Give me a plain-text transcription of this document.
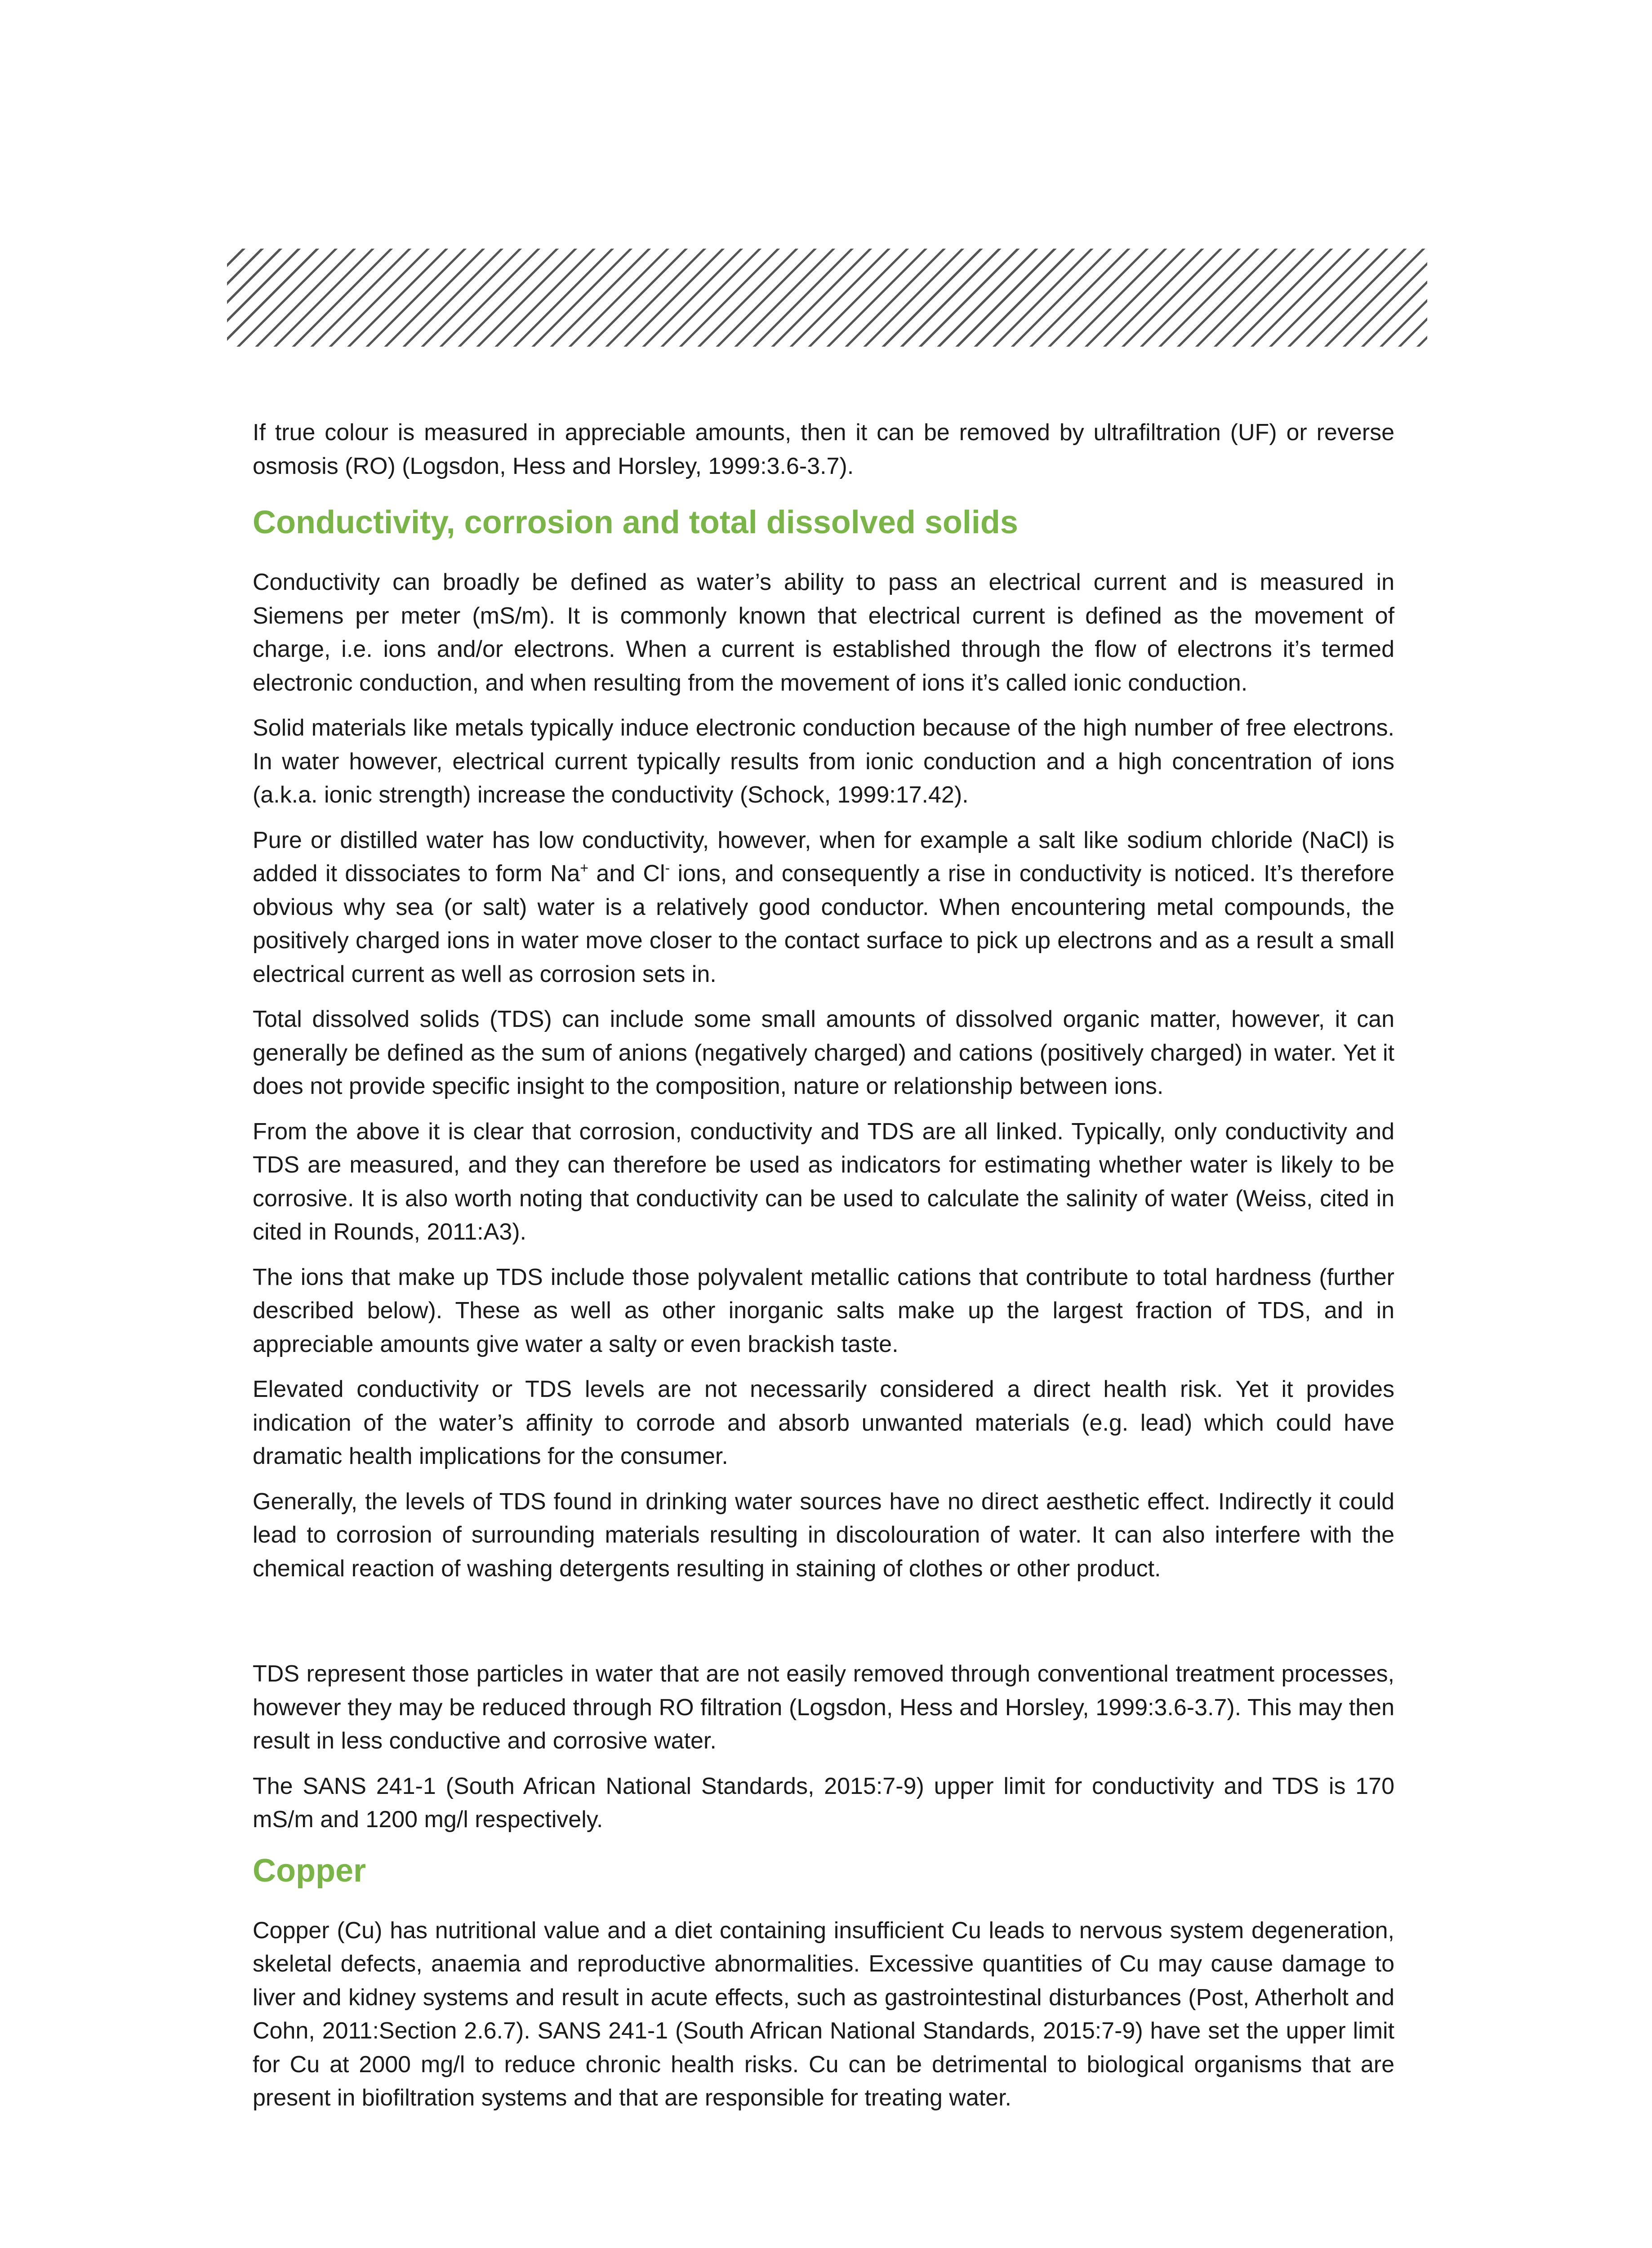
If true colour is measured in appreciable amounts, then it can be removed by ultrafiltration (UF) or reverse osmosis (RO) (Logsdon, Hess and Horsley, 1999:3.6-3.7).

Conductivity, corrosion and total dissolved solids

Conductivity can broadly be defined as water’s ability to pass an electrical current and is measured in Siemens per meter (mS/m). It is commonly known that electrical current is defined as the movement of charge, i.e. ions and/or electrons. When a current is established through the flow of electrons it’s termed electronic conduction, and when resulting from the movement of ions it’s called ionic conduction.

Solid materials like metals typically induce electronic conduction because of the high number of free electrons. In water however, electrical current typically results from ionic conduction and a high concentration of ions (a.k.a. ionic strength) increase the conductivity (Schock, 1999:17.42).

Pure or distilled water has low conductivity, however, when for example a salt like sodium chloride (NaCl) is added it dissociates to form Na+ and Cl- ions, and consequently a rise in conductivity is noticed. It’s therefore obvious why sea (or salt) water is a relatively good conductor. When encountering metal compounds, the positively charged ions in water move closer to the contact surface to pick up electrons and as a result a small electrical current as well as corrosion sets in.

Total dissolved solids (TDS) can include some small amounts of dissolved organic matter, however, it can generally be defined as the sum of anions (negatively charged) and cations (positively charged) in water. Yet it does not provide specific insight to the composition, nature or relationship between ions.

From the above it is clear that corrosion, conductivity and TDS are all linked. Typically, only conductivity and TDS are measured, and they can therefore be used as indicators for estimating whether water is likely to be corrosive. It is also worth noting that conductivity can be used to calculate the salinity of water (Weiss, cited in cited in Rounds, 2011:A3).

The ions that make up TDS include those polyvalent metallic cations that contribute to total hardness (further described below). These as well as other inorganic salts make up the largest fraction of TDS, and in appreciable amounts give water a salty or even brackish taste.

Elevated conductivity or TDS levels are not necessarily considered a direct health risk. Yet it provides indication of the water’s affinity to corrode and absorb unwanted materials (e.g. lead) which could have dramatic health implications for the consumer.

Generally, the levels of TDS found in drinking water sources have no direct aesthetic effect. Indirectly it could lead to corrosion of surrounding materials resulting in discolouration of water. It can also interfere with the chemical reaction of washing detergents resulting in staining of clothes or other product.

TDS represent those particles in water that are not easily removed through conventional treatment processes, however they may be reduced through RO filtration (Logsdon, Hess and Horsley, 1999:3.6-3.7). This may then result in less conductive and corrosive water.

The SANS 241-1 (South African National Standards, 2015:7-9) upper limit for conductivity and TDS is 170 mS/m and 1200 mg/l respectively.

Copper

Copper (Cu) has nutritional value and a diet containing insufficient Cu leads to nervous system degeneration, skeletal defects, anaemia and reproductive abnormalities. Excessive quantities of Cu may cause damage to liver and kidney systems and result in acute effects, such as gastrointestinal disturbances (Post, Atherholt and Cohn, 2011:Section 2.6.7). SANS 241-1 (South African National Standards, 2015:7-9) have set the upper limit for Cu at 2000 mg/l to reduce chronic health risks. Cu can be detrimental to biological organisms that are present in biofiltration systems and that are responsible for treating water.
